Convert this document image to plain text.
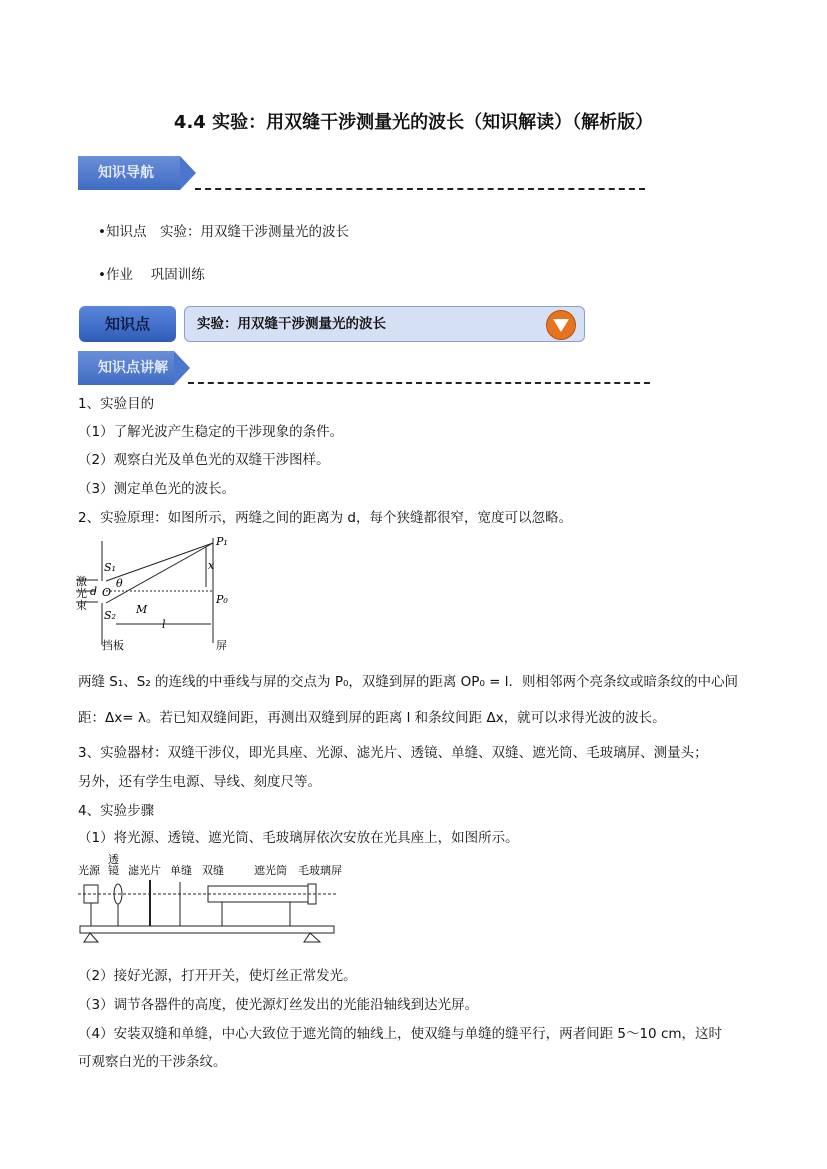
4.4 实验：用双缝干涉测量光的波长（知识解读）（解析版）
知识导航
•知识点　实验：用双缝干涉测量光的波长
•作业　 巩固训练
知识点	实验：用双缝干涉测量光的波长
知识点讲解
1、实验目的
（1）了解光波产生稳定的干涉现象的条件。
（2）观察白光及单色光的双缝干涉图样。
（3）测定单色光的波长。
2、实验原理：如图所示，两缝之间的距离为 d，每个狭缝都很窄，宽度可以忽略。
激
光
束
S₁
S₂
d O
θ
M
P₁
P₀
x
l
挡板	屏
两缝 S₁、S₂ 的连线的中垂线与屏的交点为 P₀，双缝到屏的距离 OP₀ = l．则相邻两个亮条纹或暗条纹的中心间
距：Δx= λ。若已知双缝间距，再测出双缝到屏的距离 l 和条纹间距 Δx，就可以求得光波的波长。
3、实验器材：双缝干涉仪，即光具座、光源、滤光片、透镜、单缝、双缝、遮光筒、毛玻璃屏、测量头；
另外，还有学生电源、导线、刻度尺等。
4、实验步骤
（1）将光源、透镜、遮光筒、毛玻璃屏依次安放在光具座上，如图所示。
光源
透
镜 滤光片 单缝 双缝	遮光筒 毛玻璃屏
（2）接好光源，打开开关，使灯丝正常发光。
（3）调节各器件的高度，使光源灯丝发出的光能沿轴线到达光屏。
（4）安装双缝和单缝，中心大致位于遮光筒的轴线上，使双缝与单缝的缝平行，两者间距 5～10 cm，这时
可观察白光的干涉条纹。
